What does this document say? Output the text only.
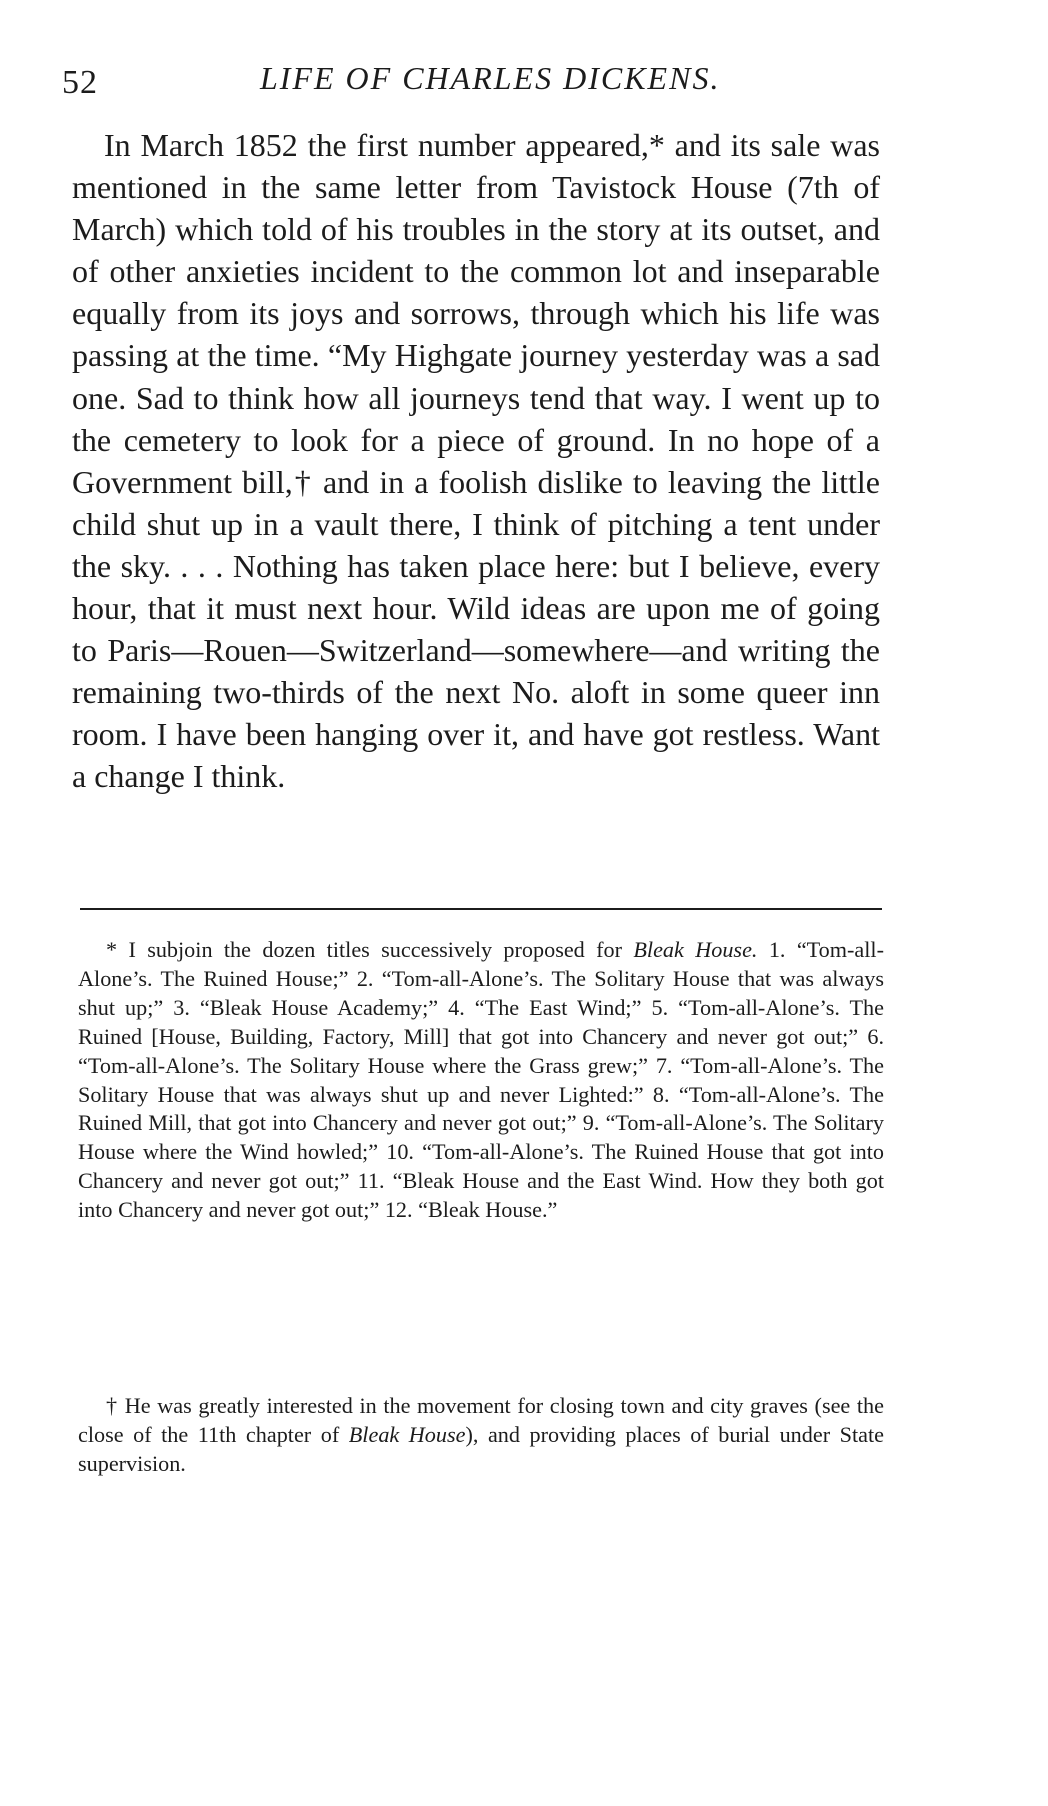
52	LIFE OF CHARLES DICKENS.

In March 1852 the first number appeared,* and its sale was mentioned in the same letter from Tavistock House (7th of March) which told of his troubles in the story at its outset, and of other anxieties incident to the common lot and inseparable equally from its joys and sorrows, through which his life was passing at the time. “My Highgate journey yesterday was a sad one. Sad to think how all journeys tend that way. I went up to the cemetery to look for a piece of ground. In no hope of a Government bill,† and in a foolish dislike to leaving the little child shut up in a vault there, I think of pitching a tent under the sky. . . . Nothing has taken place here: but I believe, every hour, that it must next hour. Wild ideas are upon me of going to Paris—Rouen—Switzerland—somewhere—and writing the remaining two-thirds of the next No. aloft in some queer inn room. I have been hanging over it, and have got restless. Want a change I think.

* I subjoin the dozen titles successively proposed for Bleak House. 1. “Tom-all-Alone’s. The Ruined House;” 2. “Tom-all-Alone’s. The Solitary House that was always shut up;” 3. “Bleak House Academy;” 4. “The East Wind;” 5. “Tom-all-Alone’s. The Ruined [House, Building, Factory, Mill] that got into Chancery and never got out;” 6. “Tom-all-Alone’s. The Solitary House where the Grass grew;” 7. “Tom-all-Alone’s. The Solitary House that was always shut up and never Lighted:” 8. “Tom-all-Alone’s. The Ruined Mill, that got into Chancery and never got out;” 9. “Tom-all-Alone’s. The Solitary House where the Wind howled;” 10. “Tom-all-Alone’s. The Ruined House that got into Chancery and never got out;” 11. “Bleak House and the East Wind. How they both got into Chancery and never got out;” 12. “Bleak House.”

† He was greatly interested in the movement for closing town and city graves (see the close of the 11th chapter of Bleak House), and providing places of burial under State supervision.
